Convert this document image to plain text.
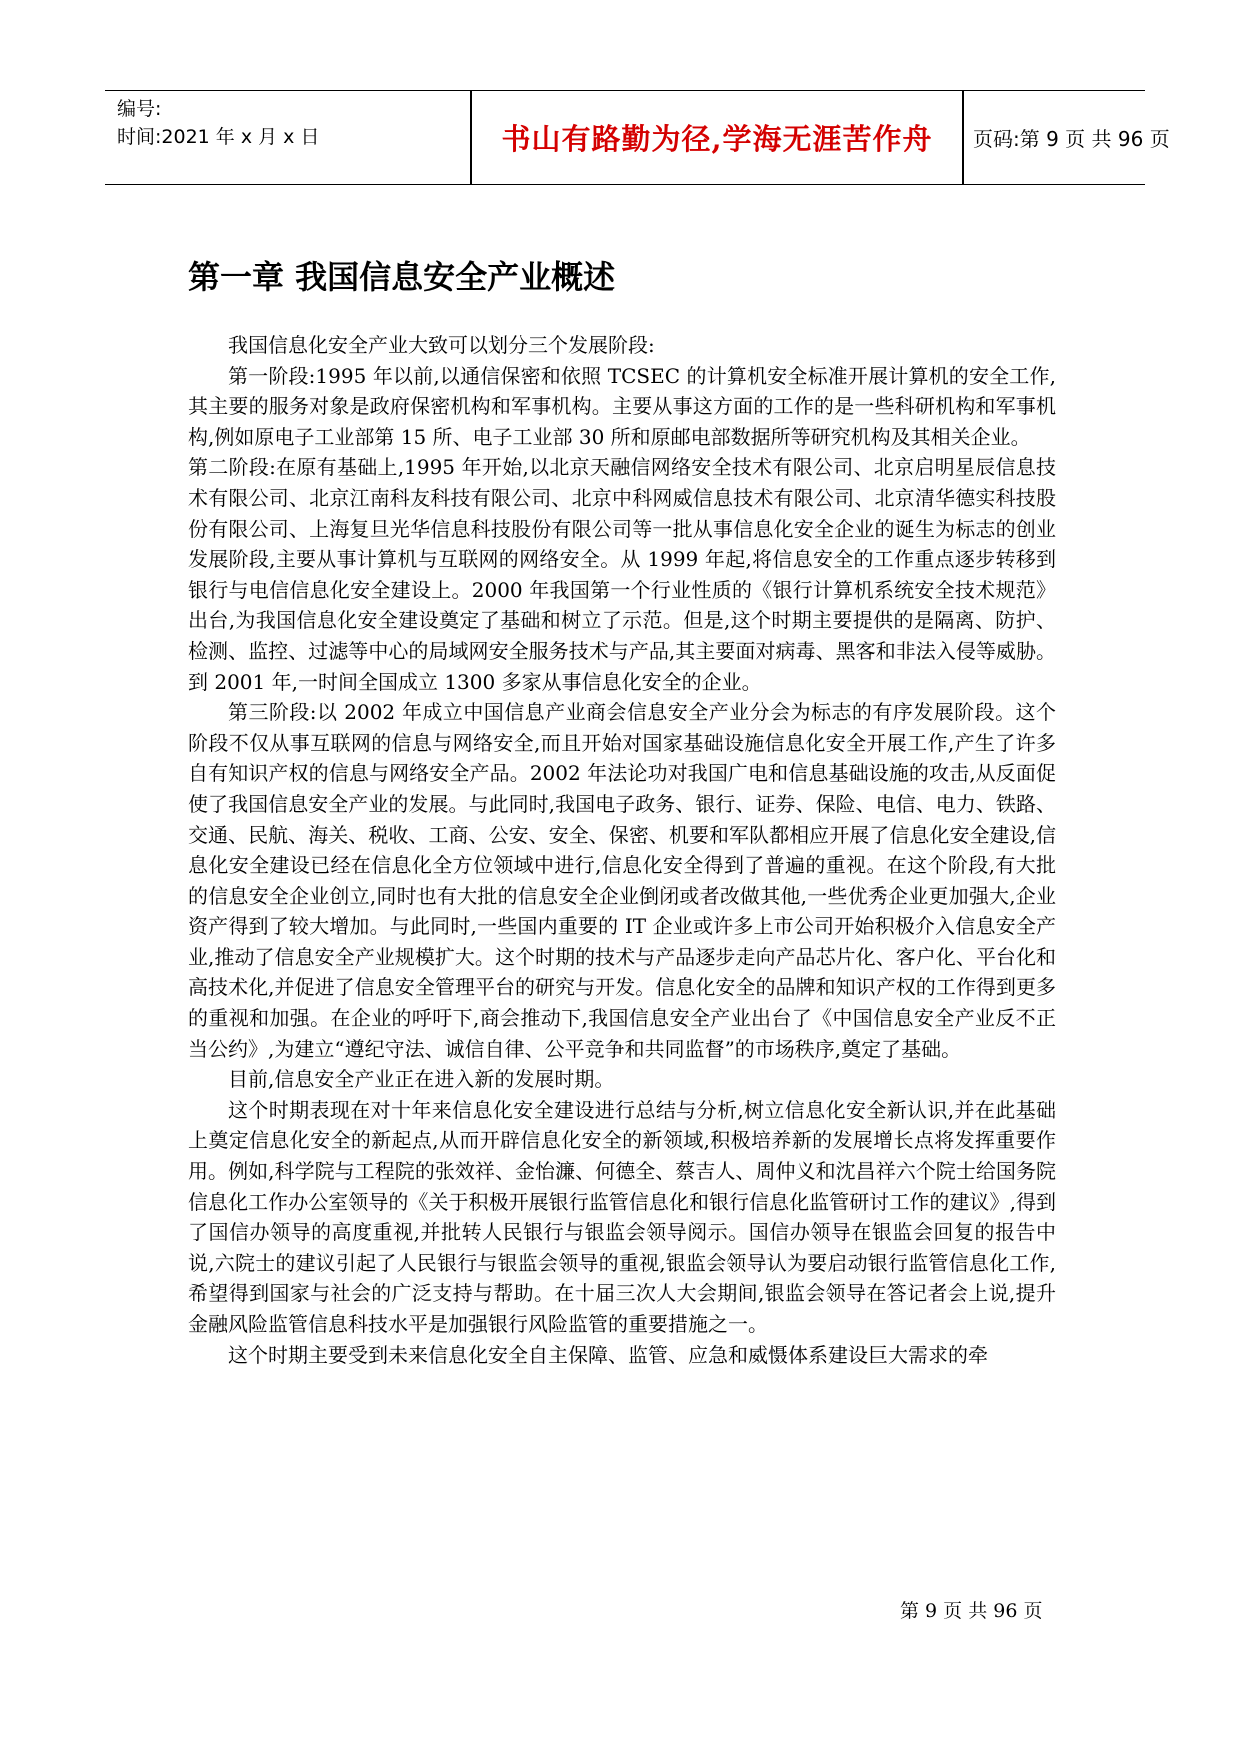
编号:
时间:2021 年 x 月 x 日	书山有路勤为径,学海无涯苦作舟	页码:第 9 页 共 96 页
第一章 我国信息安全产业概述

我国信息化安全产业大致可以划分三个发展阶段:

第一阶段:1995 年以前,以通信保密和依照 TCSEC 的计算机安全标准开展计算机的安全工作,其主要的服务对象是政府保密机构和军事机构。主要从事这方面的工作的是一些科研机构和军事机构,例如原电子工业部第 15 所、电子工业部 30 所和原邮电部数据所等研究机构及其相关企业。

第二阶段:在原有基础上,1995 年开始,以北京天融信网络安全技术有限公司、北京启明星辰信息技术有限公司、北京江南科友科技有限公司、北京中科网威信息技术有限公司、北京清华德实科技股份有限公司、上海复旦光华信息科技股份有限公司等一批从事信息化安全企业的诞生为标志的创业发展阶段,主要从事计算机与互联网的网络安全。从 1999 年起,将信息安全的工作重点逐步转移到银行与电信信息化安全建设上。2000 年我国第一个行业性质的《银行计算机系统安全技术规范》出台,为我国信息化安全建设奠定了基础和树立了示范。但是,这个时期主要提供的是隔离、防护、检测、监控、过滤等中心的局域网安全服务技术与产品,其主要面对病毒、黑客和非法入侵等威胁。到 2001 年,一时间全国成立 1300 多家从事信息化安全的企业。

第三阶段:以 2002 年成立中国信息产业商会信息安全产业分会为标志的有序发展阶段。这个阶段不仅从事互联网的信息与网络安全,而且开始对国家基础设施信息化安全开展工作,产生了许多自有知识产权的信息与网络安全产品。2002 年法论功对我国广电和信息基础设施的攻击,从反面促使了我国信息安全产业的发展。与此同时,我国电子政务、银行、证券、保险、电信、电力、铁路、交通、民航、海关、税收、工商、公安、安全、保密、机要和军队都相应开展了信息化安全建设,信息化安全建设已经在信息化全方位领域中进行,信息化安全得到了普遍的重视。在这个阶段,有大批的信息安全企业创立,同时也有大批的信息安全企业倒闭或者改做其他,一些优秀企业更加强大,企业资产得到了较大增加。与此同时,一些国内重要的 IT 企业或许多上市公司开始积极介入信息安全产业,推动了信息安全产业规模扩大。这个时期的技术与产品逐步走向产品芯片化、客户化、平台化和高技术化,并促进了信息安全管理平台的研究与开发。信息化安全的品牌和知识产权的工作得到更多的重视和加强。在企业的呼吁下,商会推动下,我国信息安全产业出台了《中国信息安全产业反不正当公约》,为建立“遵纪守法、诚信自律、公平竞争和共同监督”的市场秩序,奠定了基础。

目前,信息安全产业正在进入新的发展时期。

这个时期表现在对十年来信息化安全建设进行总结与分析,树立信息化安全新认识,并在此基础上奠定信息化安全的新起点,从而开辟信息化安全的新领域,积极培养新的发展增长点将发挥重要作用。例如,科学院与工程院的张效祥、金怡濂、何德全、蔡吉人、周仲义和沈昌祥六个院士给国务院信息化工作办公室领导的《关于积极开展银行监管信息化和银行信息化监管研讨工作的建议》,得到了国信办领导的高度重视,并批转人民银行与银监会领导阅示。国信办领导在银监会回复的报告中说,六院士的建议引起了人民银行与银监会领导的重视,银监会领导认为要启动银行监管信息化工作,希望得到国家与社会的广泛支持与帮助。在十届三次人大会期间,银监会领导在答记者会上说,提升金融风险监管信息科技水平是加强银行风险监管的重要措施之一。

这个时期主要受到未来信息化安全自主保障、监管、应急和威慑体系建设巨大需求的牵

第 9 页 共 96 页
